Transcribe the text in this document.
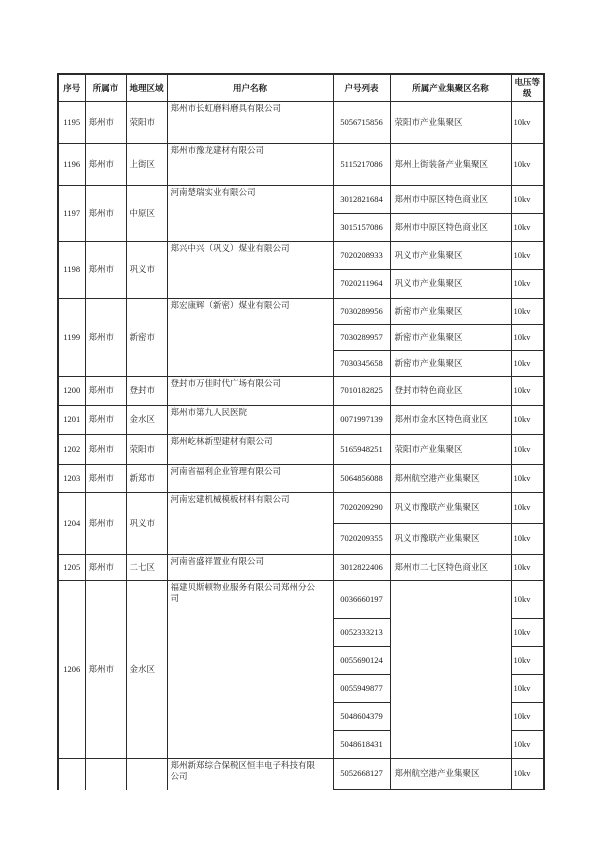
序号	所属市	地理区域	用户名称	户号列表	所属产业集聚区名称	电压等级
1195	郑州市	荥阳市	郑州市长虹磨料磨具有限公司	5056715856	荥阳市产业集聚区	10kv
1196	郑州市	上街区	郑州市豫龙建材有限公司	5115217086	郑州上街装备产业集聚区	10kv
1197	郑州市	中原区	河南楚瑞实业有限公司	3012821684	郑州市中原区特色商业区	10kv
				3015157086	郑州市中原区特色商业区	10kv
1198	郑州市	巩义市	郑兴中兴（巩义）煤业有限公司	7020208933	巩义市产业集聚区	10kv
				7020211964	巩义市产业集聚区	10kv
1199	郑州市	新密市	郑宏康辉（新密）煤业有限公司	7030289956	新密市产业集聚区	10kv
				7030289957	新密市产业集聚区	10kv
				7030345658	新密市产业集聚区	10kv
1200	郑州市	登封市	登封市万佳时代广场有限公司	7010182825	登封市特色商业区	10kv
1201	郑州市	金水区	郑州市第九人民医院	0071997139	郑州市金水区特色商业区	10kv
1202	郑州市	荥阳市	郑州屹林新型建材有限公司	5165948251	荥阳市产业集聚区	10kv
1203	郑州市	新郑市	河南省福利企业管理有限公司	5064856088	郑州航空港产业集聚区	10kv
1204	郑州市	巩义市	河南宏建机械模板材料有限公司	7020209290	巩义市豫联产业集聚区	10kv
				7020209355	巩义市豫联产业集聚区	10kv
1205	郑州市	二七区	河南省盛祥置业有限公司	3012822406	郑州市二七区特色商业区	10kv
1206	郑州市	金水区	福建贝斯顿物业服务有限公司郑州分公司	0036660197		10kv
				0052333213		10kv
				0055690124		10kv
				0055949877		10kv
				5048604379		10kv
				5048618431		10kv

			郑州新郑综合保税区恒丰电子科技有限公司	5052668127	郑州航空港产业集聚区	10kv
